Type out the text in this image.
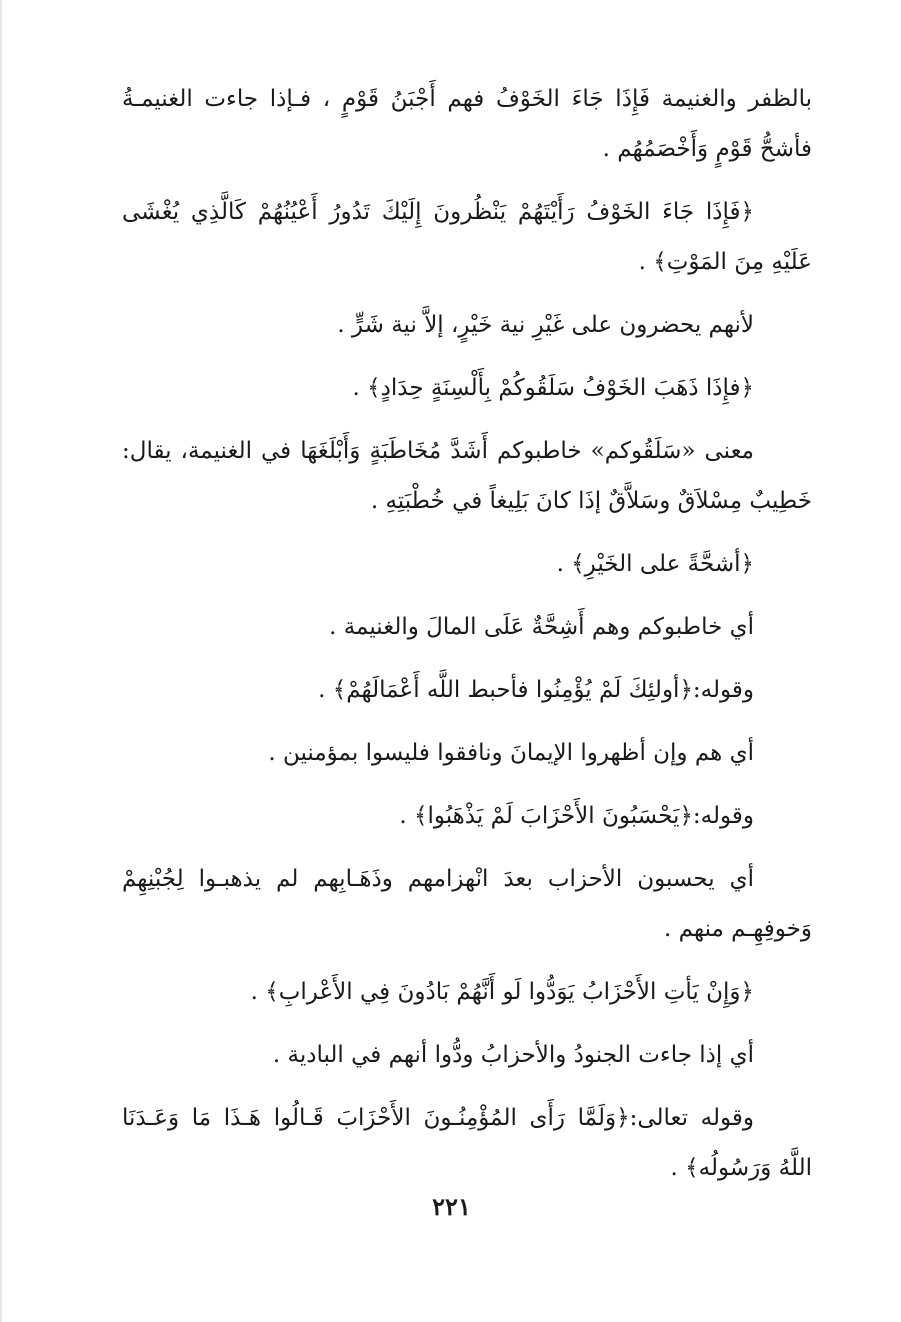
بالظفر والغنيمة فَإِذَا جَاءَ الخَوْفُ فهم أَجْبَنُ قَوْمٍ ، فـإذا جاءت الغنيمـةُ

فأشحُّ قَوْمٍ وَأَخْصَمُهُم .

﴿فَإِذَا جَاءَ الخَوْفُ رَأَيْتَهُمْ يَنْظُرونَ إِلَيْكَ تَدُورُ أَعْيُنُهُمْ كَالَّذِي يُغْشَى

عَلَيْهِ مِنَ المَوْتِ﴾ .

لأنهم يحضرون على غَيْرِ نية خَيْرٍ، إلاَّ نية شَرٍّ .

﴿فإِذَا ذَهَبَ الخَوْفُ سَلَقُوكُمْ بِأَلْسِنَةٍ حِدَادٍ﴾ .

معنى «سَلَقُوكم» خاطبوكم أَشَدَّ مُخَاطَبَةٍ وَأَبْلَغَهَا في الغنيمة، يقال:

خَطِيبٌ مِسْلاَقٌ وسَلاَّقٌ إذَا كانَ بَلِيغاً في خُطْبَتِهِ .

﴿أشحَّةً على الخَيْرِ﴾ .

أي خاطبوكم وهم أَشِحَّةٌ عَلَى المالَ والغنيمة .

وقوله:﴿أولئِكَ لَمْ يُؤْمِنُوا فأحبط اللَّه أَعْمَالَهُمْ﴾ .

أي هم وإن أظهروا الإيمانَ ونافقوا فليسوا بمؤمنين .

وقوله:﴿يَحْسَبُونَ الأَحْزَابَ لَمْ يَذْهَبُوا﴾ .

أي يحسبون الأحزاب بعدَ انْهزامهم وذَهَـابِهم لم يذهبـوا لِجُبْنِهِمْ

وَخوفِهِـم منهم .

﴿وَإِنْ يَأتِ الأَحْزَابُ يَوَدُّوا لَو أَنَّهُمْ بَادُونَ فِي الأَعْرابِ﴾ .

أي إذا جاءت الجنودُ والأحزابُ ودُّوا أنهم في البادية .

وقوله تعالى:﴿وَلَمَّا رَأَى المُؤْمِنُـونَ الأَحْزَابَ قَـالُوا هَـذَا مَا وَعَـدَنَا

اللَّهُ وَرَسُولُه﴾ .

٢٢١
